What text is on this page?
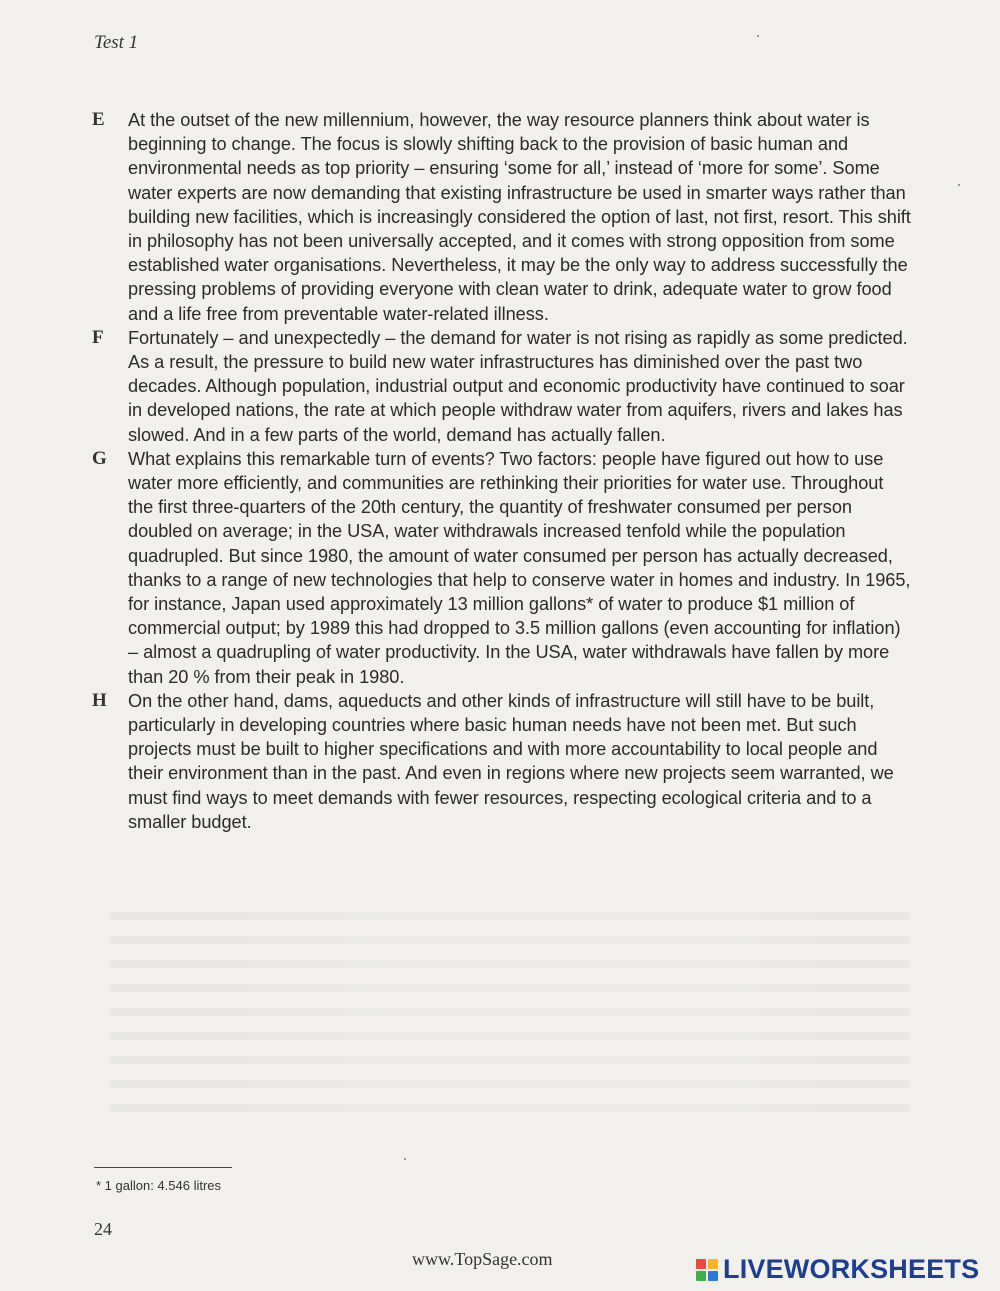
Test 1
E At the outset of the new millennium, however, the way resource planners think about water is beginning to change. The focus is slowly shifting back to the provision of basic human and environmental needs as top priority – ensuring ‘some for all,’ instead of ‘more for some’. Some water experts are now demanding that existing infrastructure be used in smarter ways rather than building new facilities, which is increasingly considered the option of last, not first, resort. This shift in philosophy has not been universally accepted, and it comes with strong opposition from some established water organisations. Nevertheless, it may be the only way to address successfully the pressing problems of providing everyone with clean water to drink, adequate water to grow food and a life free from preventable water-related illness.
F Fortunately – and unexpectedly – the demand for water is not rising as rapidly as some predicted. As a result, the pressure to build new water infrastructures has diminished over the past two decades. Although population, industrial output and economic productivity have continued to soar in developed nations, the rate at which people withdraw water from aquifers, rivers and lakes has slowed. And in a few parts of the world, demand has actually fallen.
G What explains this remarkable turn of events? Two factors: people have figured out how to use water more efficiently, and communities are rethinking their priorities for water use. Throughout the first three-quarters of the 20th century, the quantity of freshwater consumed per person doubled on average; in the USA, water withdrawals increased tenfold while the population quadrupled. But since 1980, the amount of water consumed per person has actually decreased, thanks to a range of new technologies that help to conserve water in homes and industry. In 1965, for instance, Japan used approximately 13 million gallons* of water to produce $1 million of commercial output; by 1989 this had dropped to 3.5 million gallons (even accounting for inflation) – almost a quadrupling of water productivity. In the USA, water withdrawals have fallen by more than 20 % from their peak in 1980.
H On the other hand, dams, aqueducts and other kinds of infrastructure will still have to be built, particularly in developing countries where basic human needs have not been met. But such projects must be built to higher specifications and with more accountability to local people and their environment than in the past. And even in regions where new projects seem warranted, we must find ways to meet demands with fewer resources, respecting ecological criteria and to a smaller budget.
* 1 gallon: 4.546 litres
24
www.TopSage.com	LIVEWORKSHEETS
